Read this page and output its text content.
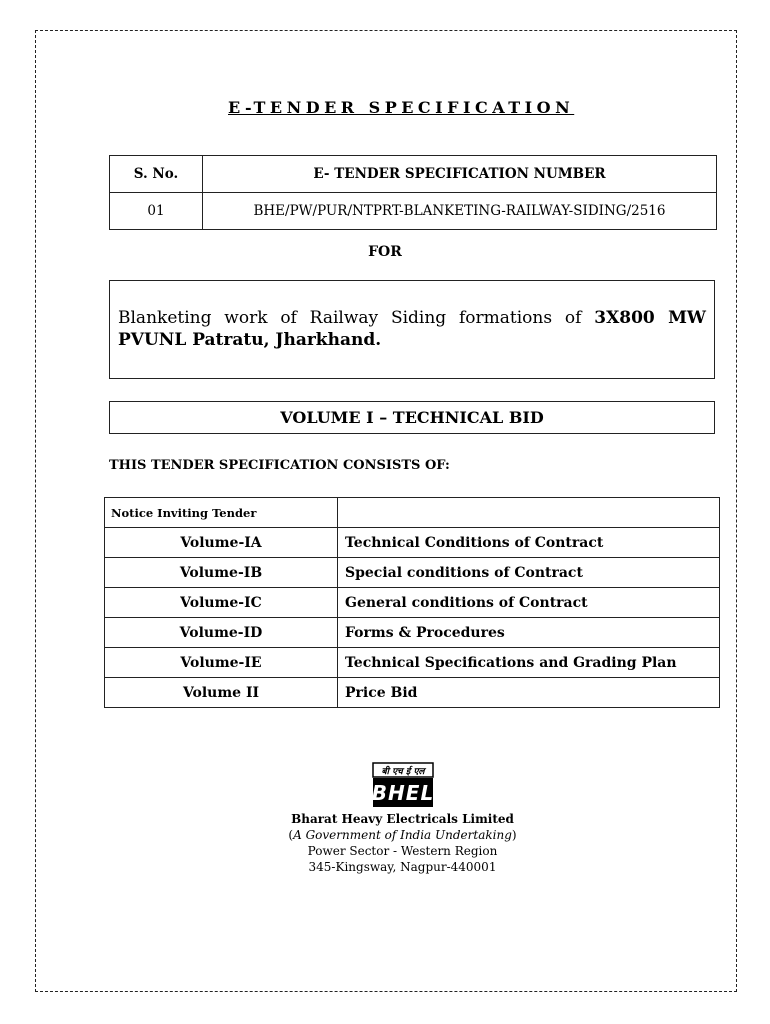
E-TENDER SPECIFICATION
S. No.	E- TENDER SPECIFICATION NUMBER
01	BHE/PW/PUR/NTPRT-BLANKETING-RAILWAY-SIDING/2516
FOR
Blanketing work of Railway Siding formations of 3X800 MW PVUNL Patratu, Jharkhand.
VOLUME I – TECHNICAL BID
THIS TENDER SPECIFICATION CONSISTS OF:
Notice Inviting Tender	
Volume-IA	Technical Conditions of Contract
Volume-IB	Special conditions of Contract
Volume-IC	General conditions of Contract
Volume-ID	Forms & Procedures
Volume-IE	Technical Specifications and Grading Plan
Volume II	Price Bid
बी एच ई एल
BHEL
Bharat Heavy Electricals Limited
(A Government of India Undertaking)
Power Sector - Western Region
345-Kingsway, Nagpur-440001
